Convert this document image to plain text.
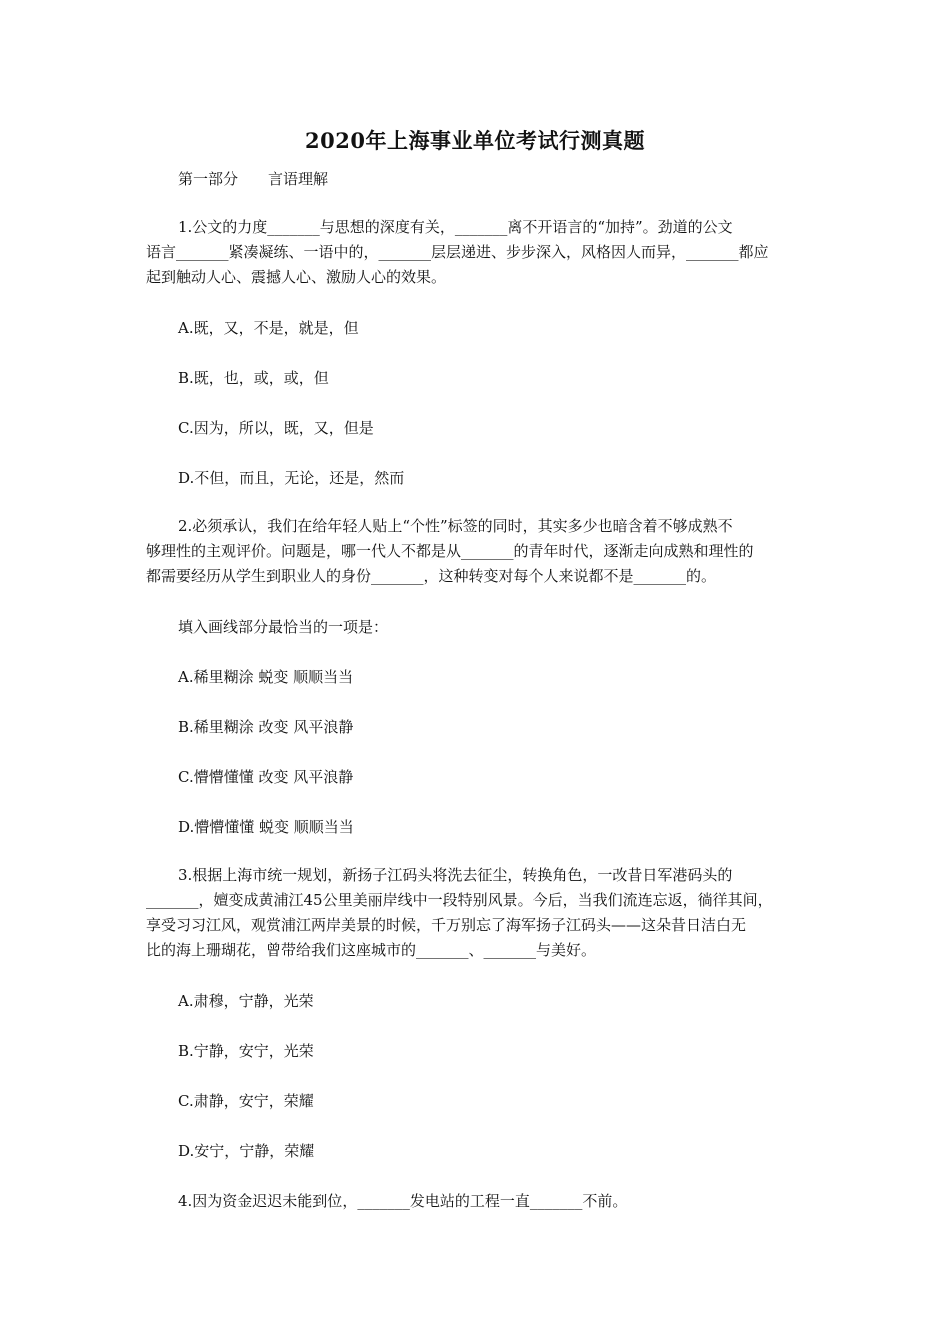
2020年上海事业单位考试行测真题
第一部分 言语理解

1.公文的力度_______与思想的深度有关，_______离不开语言的“加持”。劲道的公文
语言_______紧凑凝练、一语中的，_______层层递进、步步深入，风格因人而异，_______都应
起到触动人心、震撼人心、激励人心的效果。

A.既，又，不是，就是，但
B.既，也，或，或，但
C.因为，所以，既，又，但是
D.不但，而且，无论，还是，然而

2.必须承认，我们在给年轻人贴上“个性”标签的同时，其实多少也暗含着不够成熟不
够理性的主观评价。问题是，哪一代人不都是从_______的青年时代，逐渐走向成熟和理性的
都需要经历从学生到职业人的身份_______，这种转变对每个人来说都不是_______的。

填入画线部分最恰当的一项是：
A.稀里糊涂 蜕变 顺顺当当
B.稀里糊涂 改变 风平浪静
C.懵懵懂懂 改变 风平浪静
D.懵懵懂懂 蜕变 顺顺当当

3.根据上海市统一规划，新扬子江码头将洗去征尘，转换角色，一改昔日军港码头的
_______，嬗变成黄浦江45公里美丽岸线中一段特别风景。今后，当我们流连忘返，徜徉其间，
享受习习江风，观赏浦江两岸美景的时候，千万别忘了海军扬子江码头——这朵昔日洁白无
比的海上珊瑚花，曾带给我们这座城市的_______、_______与美好。

A.肃穆，宁静，光荣
B.宁静，安宁，光荣
C.肃静，安宁，荣耀
D.安宁，宁静，荣耀
4.因为资金迟迟未能到位，_______发电站的工程一直_______不前。
